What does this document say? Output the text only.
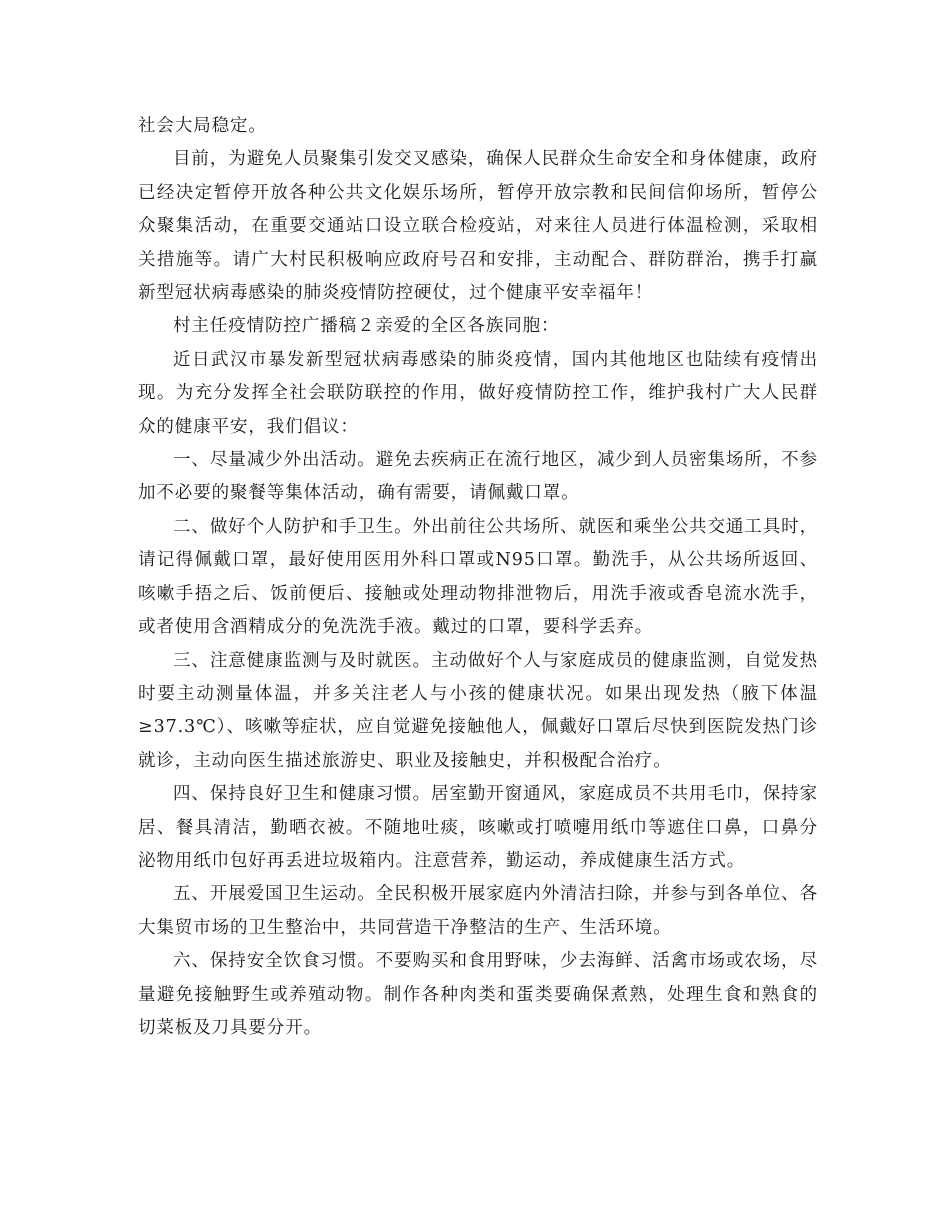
社会大局稳定。

目前，为避免人员聚集引发交叉感染，确保人民群众生命安全和身体健康，政府已经决定暂停开放各种公共文化娱乐场所，暂停开放宗教和民间信仰场所，暂停公众聚集活动，在重要交通站口设立联合检疫站，对来往人员进行体温检测，采取相关措施等。请广大村民积极响应政府号召和安排，主动配合、群防群治，携手打赢新型冠状病毒感染的肺炎疫情防控硬仗，过个健康平安幸福年！

村主任疫情防控广播稿２亲爱的全区各族同胞：

近日武汉市暴发新型冠状病毒感染的肺炎疫情，国内其他地区也陆续有疫情出现。为充分发挥全社会联防联控的作用，做好疫情防控工作，维护我村广大人民群众的健康平安，我们倡议：

一、尽量减少外出活动。避免去疾病正在流行地区，减少到人员密集场所，不参加不必要的聚餐等集体活动，确有需要，请佩戴口罩。

二、做好个人防护和手卫生。外出前往公共场所、就医和乘坐公共交通工具时，请记得佩戴口罩，最好使用医用外科口罩或N95口罩。勤洗手，从公共场所返回、咳嗽手捂之后、饭前便后、接触或处理动物排泄物后，用洗手液或香皂流水洗手，或者使用含酒精成分的免洗洗手液。戴过的口罩，要科学丢弃。

三、注意健康监测与及时就医。主动做好个人与家庭成员的健康监测，自觉发热时要主动测量体温，并多关注老人与小孩的健康状况。如果出现发热（腋下体温≥37.3℃）、咳嗽等症状，应自觉避免接触他人，佩戴好口罩后尽快到医院发热门诊就诊，主动向医生描述旅游史、职业及接触史，并积极配合治疗。

四、保持良好卫生和健康习惯。居室勤开窗通风，家庭成员不共用毛巾，保持家居、餐具清洁，勤晒衣被。不随地吐痰，咳嗽或打喷嚏用纸巾等遮住口鼻，口鼻分泌物用纸巾包好再丢进垃圾箱内。注意营养，勤运动，养成健康生活方式。

五、开展爱国卫生运动。全民积极开展家庭内外清洁扫除，并参与到各单位、各大集贸市场的卫生整治中，共同营造干净整洁的生产、生活环境。

六、保持安全饮食习惯。不要购买和食用野味，少去海鲜、活禽市场或农场，尽量避免接触野生或养殖动物。制作各种肉类和蛋类要确保煮熟，处理生食和熟食的切菜板及刀具要分开。
